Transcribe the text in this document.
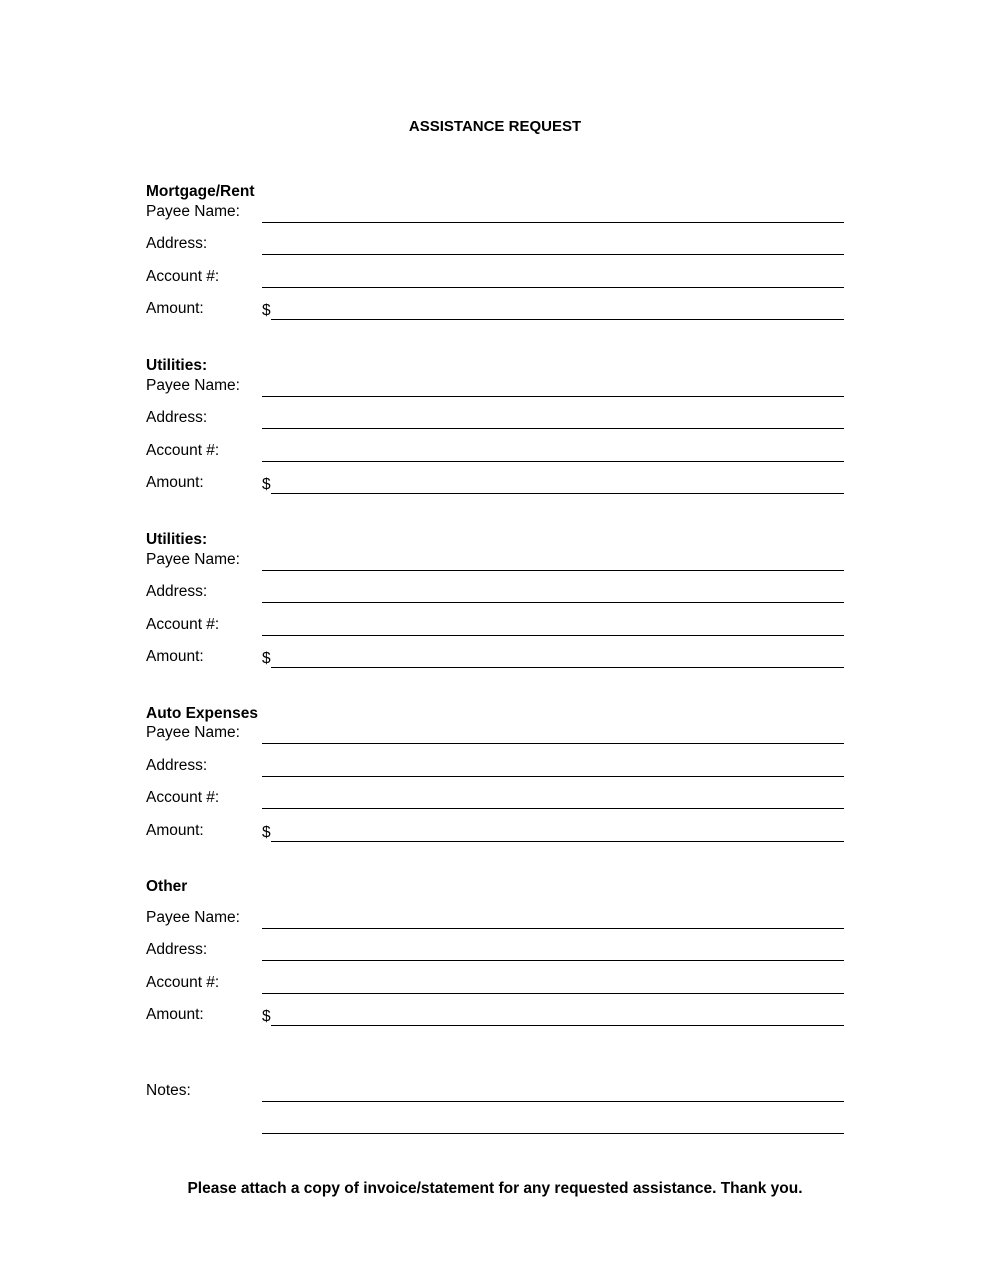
ASSISTANCE REQUEST
Mortgage/Rent
Payee Name:
Address:
Account #:
Amount:	$
Utilities:
Payee Name:
Address:
Account #:
Amount:	$
Utilities:
Payee Name:
Address:
Account #:
Amount:	$
Auto Expenses
Payee Name:
Address:
Account #:
Amount:	$
Other
Payee Name:
Address:
Account #:
Amount:	$
Notes:
Please attach a copy of invoice/statement for any requested assistance. Thank you.
